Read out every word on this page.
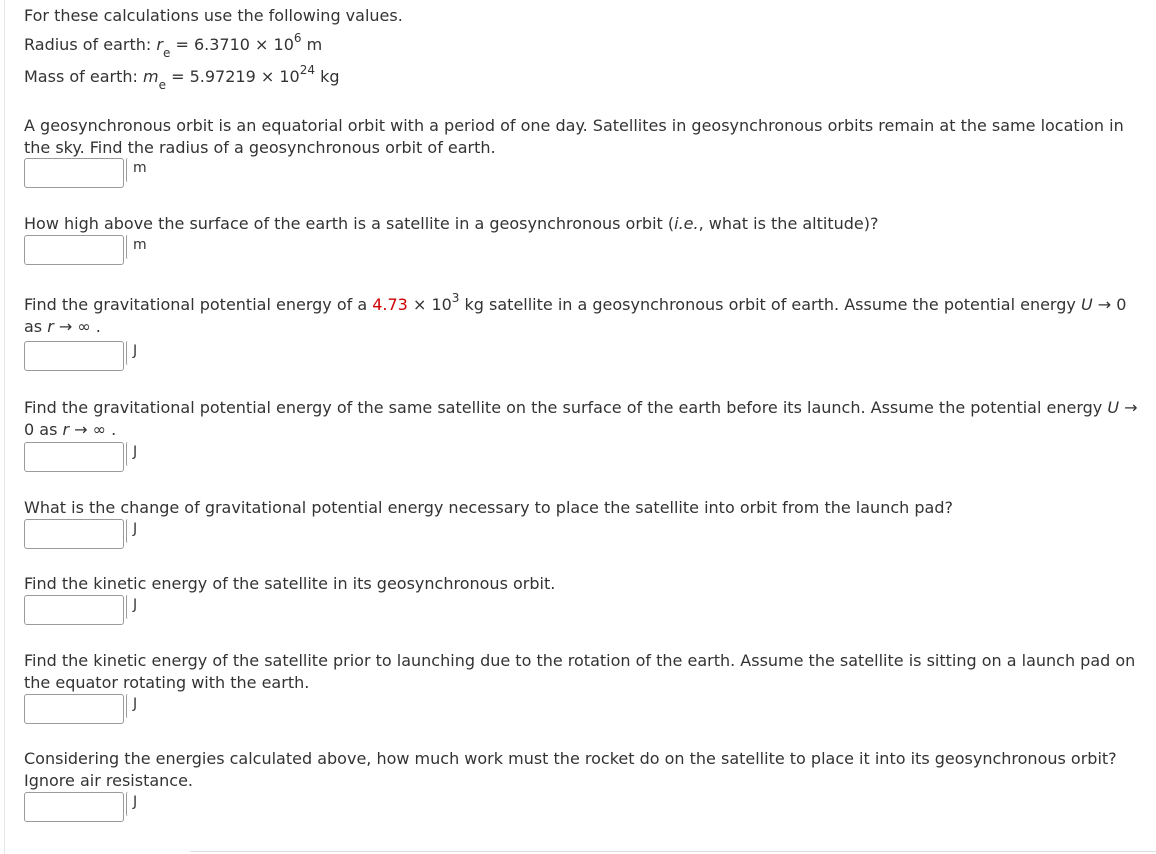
For these calculations use the following values.
Radius of earth: $r_e = 6.3710 \times 10^6$ m
Mass of earth: $m_e = 5.97219 \times 10^{24}$ kg
A geosynchronous orbit is an equatorial orbit with a period of one day. Satellites in geosynchronous orbits remain at the same location in the sky. Find the radius of a geosynchronous orbit of earth.
m
How high above the surface of the earth is a satellite in a geosynchronous orbit (i.e., what is the altitude)?
m
Find the gravitational potential energy of a $4.73 \times 10^3$ kg satellite in a geosynchronous orbit of earth. Assume the potential energy U → 0 as r → ∞ .
J
Find the gravitational potential energy of the same satellite on the surface of the earth before its launch. Assume the potential energy U → 0 as r → ∞ .
J
What is the change of gravitational potential energy necessary to place the satellite into orbit from the launch pad?
J
Find the kinetic energy of the satellite in its geosynchronous orbit.
J
Find the kinetic energy of the satellite prior to launching due to the rotation of the earth. Assume the satellite is sitting on a launch pad on the equator rotating with the earth.
J
Considering the energies calculated above, how much work must the rocket do on the satellite to place it into its geosynchronous orbit? Ignore air resistance.
J
